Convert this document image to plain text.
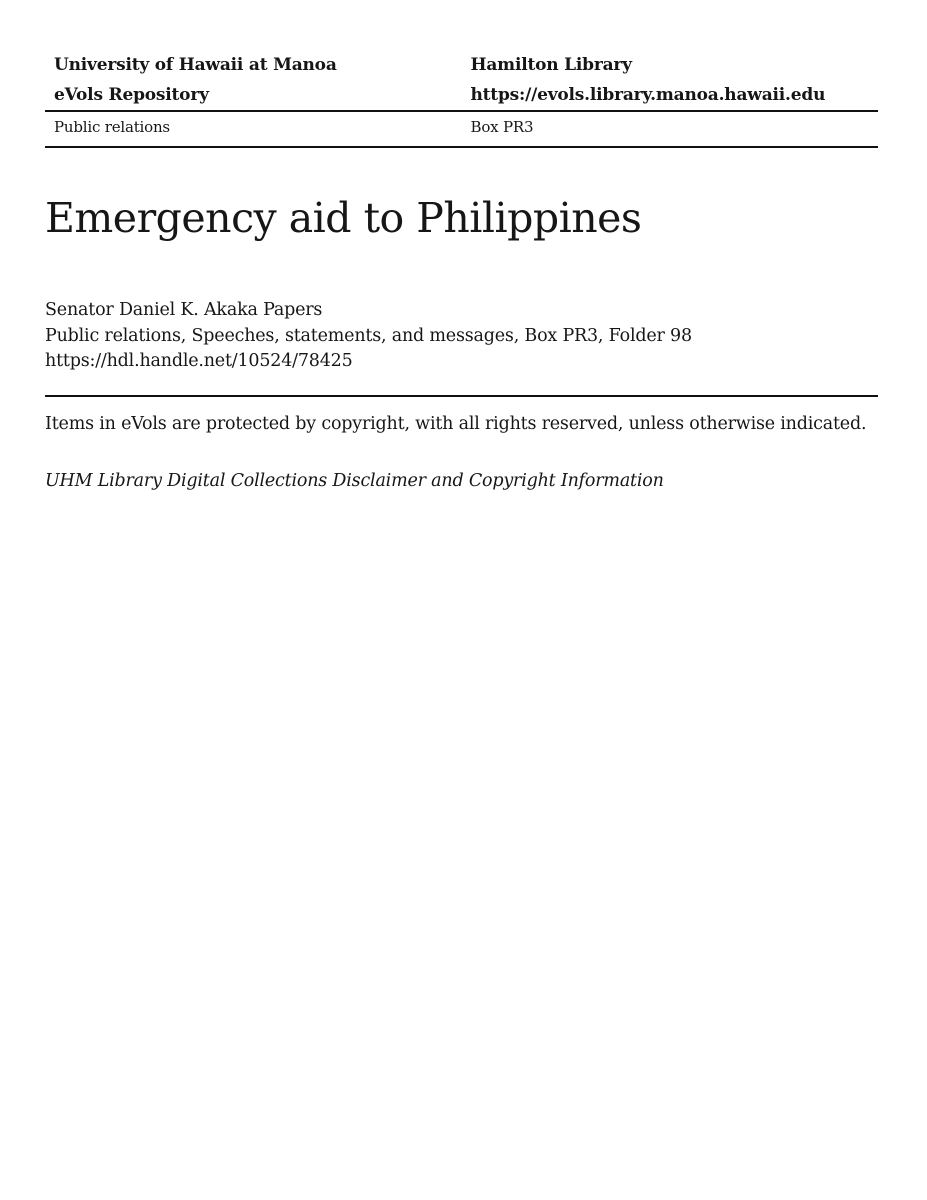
University of Hawaii at Manoa
eVols Repository
Hamilton Library
https://evols.library.manoa.hawaii.edu
Public relations	Box PR3
Emergency aid to Philippines
Senator Daniel K. Akaka Papers
Public relations, Speeches, statements, and messages, Box PR3, Folder 98
https://hdl.handle.net/10524/78425
Items in eVols are protected by copyright, with all rights reserved, unless otherwise indicated.
UHM Library Digital Collections Disclaimer and Copyright Information
